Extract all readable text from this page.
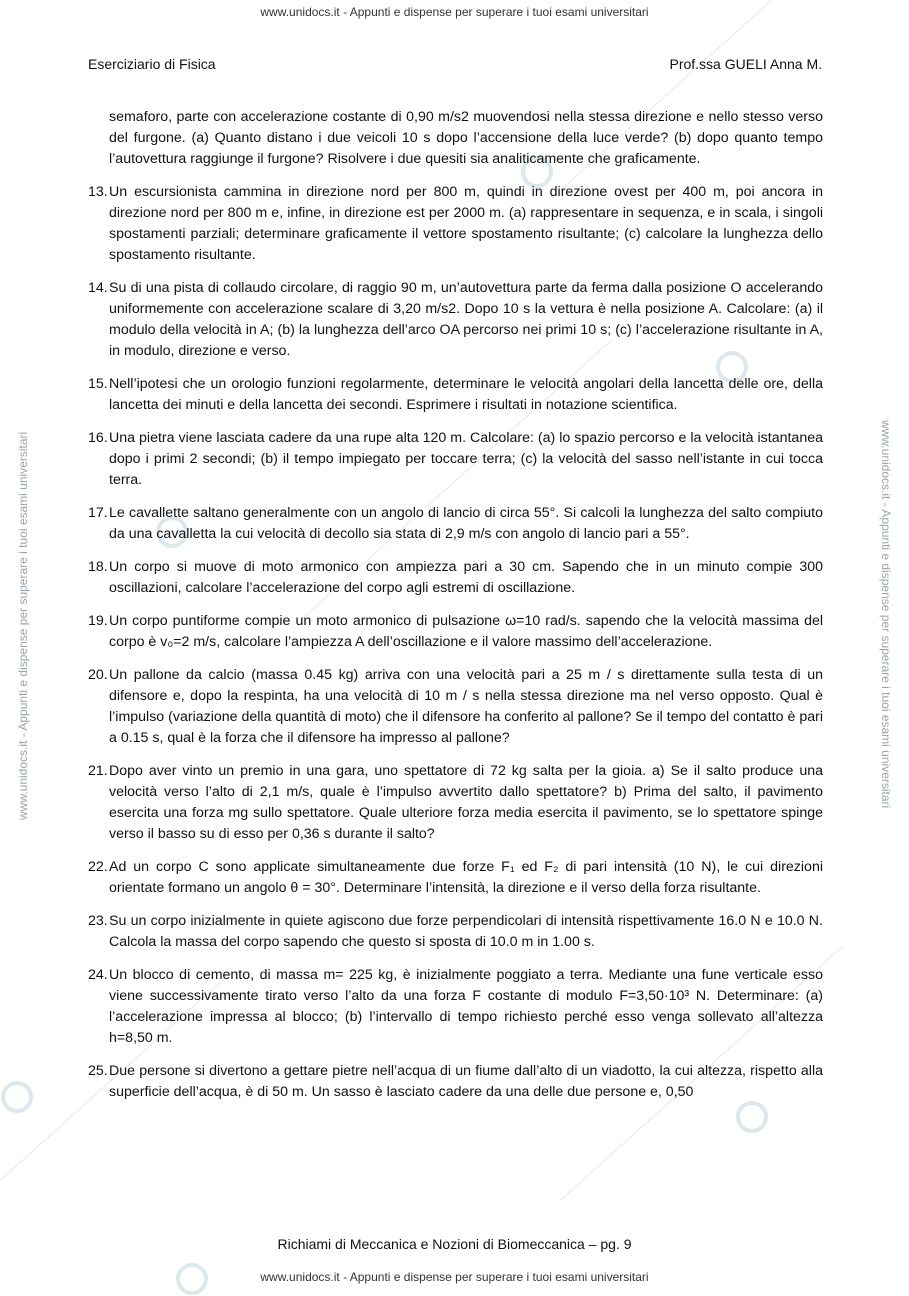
www.unidocs.it - Appunti e dispense per superare i tuoi esami universitari
www.unidocs.it - Appunti e dispense per superare i tuoi esami universitari
www.unidocs.it - Appunti e dispense per superare i tuoi esami universitari	www.unidocs.it - Appunti e dispense per superare i tuoi esami universitari
Eserciziario di Fisica	Prof.ssa GUELI Anna M.
semaforo, parte con accelerazione costante di 0,90 m/s2 muovendosi nella stessa direzione e nello stesso verso del furgone. (a) Quanto distano i due veicoli 10 s dopo l’accensione della luce verde? (b) dopo quanto tempo l’autovettura raggiunge il furgone? Risolvere i due quesiti sia analiticamente che graficamente.
13. Un escursionista cammina in direzione nord per 800 m, quindi in direzione ovest per 400 m, poi ancora in direzione nord per 800 m e, infine, in direzione est per 2000 m. (a) rappresentare in sequenza, e in scala, i singoli spostamenti parziali; determinare graficamente il vettore spostamento risultante; (c) calcolare la lunghezza dello spostamento risultante.
14. Su di una pista di collaudo circolare, di raggio 90 m, un’autovettura parte da ferma dalla posizione O accelerando uniformemente con accelerazione scalare di 3,20 m/s2. Dopo 10 s la vettura è nella posizione A. Calcolare: (a) il modulo della velocità in A; (b) la lunghezza dell’arco OA percorso nei primi 10 s; (c) l’accelerazione risultante in A, in modulo, direzione e verso.
15. Nell’ipotesi che un orologio funzioni regolarmente, determinare le velocità angolari della lancetta delle ore, della lancetta dei minuti e della lancetta dei secondi. Esprimere i risultati in notazione scientifica.
16. Una pietra viene lasciata cadere da una rupe alta 120 m. Calcolare: (a) lo spazio percorso e la velocità istantanea dopo i primi 2 secondi; (b) il tempo impiegato per toccare terra; (c) la velocità del sasso nell’istante in cui tocca terra.
17. Le cavallette saltano generalmente con un angolo di lancio di circa 55°. Si calcoli la lunghezza del salto compiuto da una cavalletta la cui velocità di decollo sia stata di 2,9 m/s con angolo di lancio pari a 55°.
18. Un corpo si muove di moto armonico con ampiezza pari a 30 cm. Sapendo che in un minuto compie 300 oscillazioni, calcolare l’accelerazione del corpo agli estremi di oscillazione.
19. Un corpo puntiforme compie un moto armonico di pulsazione ω=10 rad/s. sapendo che la velocità massima del corpo è v₀=2 m/s, calcolare l’ampiezza A dell’oscillazione e il valore massimo dell’accelerazione.
20. Un pallone da calcio (massa 0.45 kg) arriva con una velocità pari a 25 m / s direttamente sulla testa di un difensore e, dopo la respinta, ha una velocità di 10 m / s nella stessa direzione ma nel verso opposto. Qual è l’impulso (variazione della quantità di moto) che il difensore ha conferito al pallone? Se il tempo del contatto è pari a 0.15 s, qual è la forza che il difensore ha impresso al pallone?
21. Dopo aver vinto un premio in una gara, uno spettatore di 72 kg salta per la gioia. a) Se il salto produce una velocità verso l’alto di 2,1 m/s, quale è l’impulso avvertito dallo spettatore? b) Prima del salto, il pavimento esercita una forza mg sullo spettatore. Quale ulteriore forza media esercita il pavimento, se lo spettatore spinge verso il basso su di esso per 0,36 s durante il salto?
22. Ad un corpo C sono applicate simultaneamente due forze F₁ ed F₂ di pari intensità (10 N), le cui direzioni orientate formano un angolo θ = 30°. Determinare l’intensità, la direzione e il verso della forza risultante.
23. Su un corpo inizialmente in quiete agiscono due forze perpendicolari di intensità rispettivamente 16.0 N e 10.0 N. Calcola la massa del corpo sapendo che questo si sposta di 10.0 m in 1.00 s.
24. Un blocco di cemento, di massa m= 225 kg, è inizialmente poggiato a terra. Mediante una fune verticale esso viene successivamente tirato verso l’alto da una forza F costante di modulo F=3,50·10³ N. Determinare: (a) l’accelerazione impressa al blocco; (b) l’intervallo di tempo richiesto perché esso venga sollevato all’altezza h=8,50 m.
25. Due persone si divertono a gettare pietre nell’acqua di un fiume dall’alto di un viadotto, la cui altezza, rispetto alla superficie dell’acqua, è di 50 m. Un sasso è lasciato cadere da una delle due persone e, 0,50
Richiami di Meccanica e Nozioni di Biomeccanica – pg. 9
